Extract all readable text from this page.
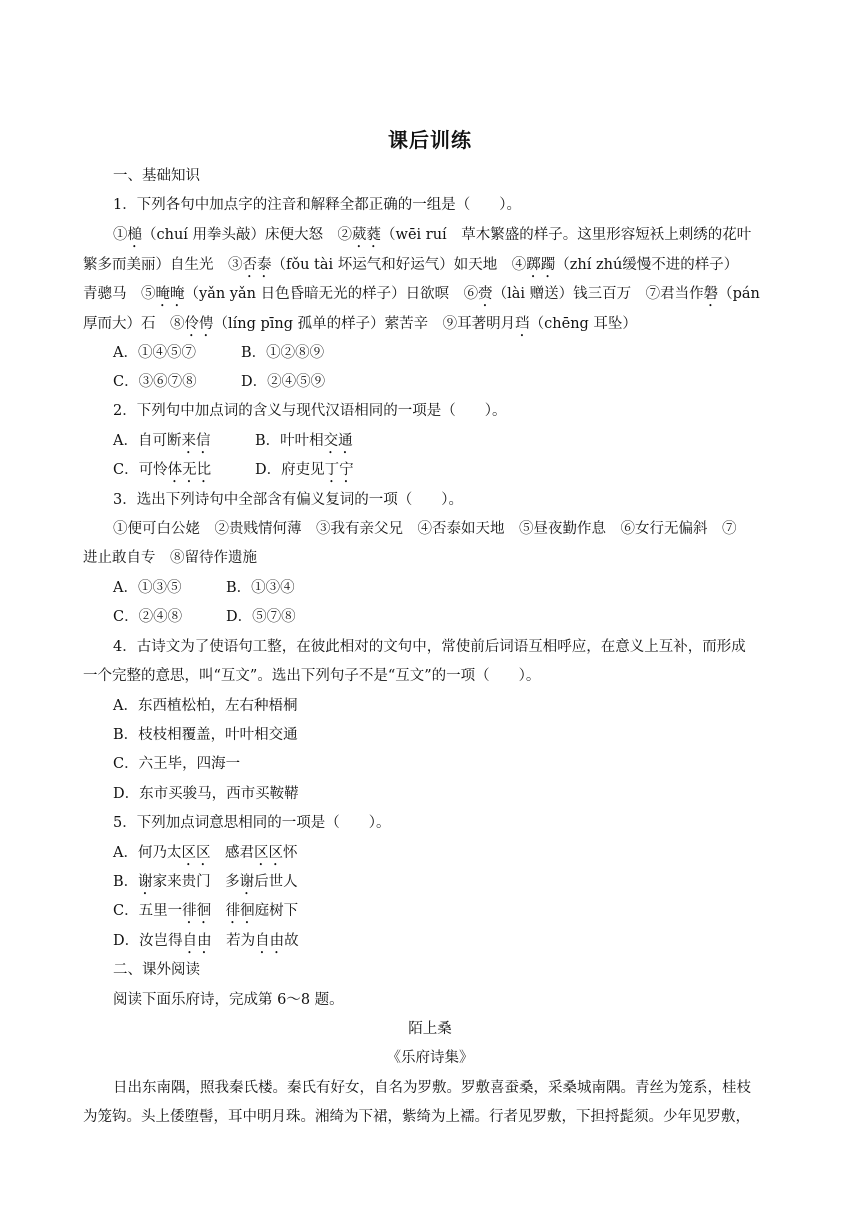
课后训练
一、基础知识
1．下列各句中加点字的注音和解释全都正确的一组是（　　）。
①槌（chuí 用拳头敲）床便大怒　②葳蕤（wēi ruí　草木繁盛的样子。这里形容短袄上刺绣的花叶
繁多而美丽）自生光　③否泰（fǒu tài 坏运气和好运气）如天地　④踯躅（zhí zhú缓慢不进的样子）
青骢马　⑤晻晻（yǎn yǎn 日色昏暗无光的样子）日欲暝　⑥赍（lài 赠送）钱三百万　⑦君当作磐（pán
厚而大）石　⑧伶俜（líng pīng 孤单的样子）萦苦辛　⑨耳著明月珰（chēng 耳坠）
A．①④⑤⑦	B．①②⑧⑨
C．③⑥⑦⑧	D．②④⑤⑨
2．下列句中加点词的含义与现代汉语相同的一项是（　　）。
A．自可断来信	B．叶叶相交通
C．可怜体无比	D．府吏见丁宁
3．选出下列诗句中全部含有偏义复词的一项（　　）。
①便可白公姥　②贵贱情何薄　③我有亲父兄　④否泰如天地　⑤昼夜勤作息　⑥女行无偏斜　⑦
进止敢自专　⑧留待作遗施
A．①③⑤	B．①③④
C．②④⑧	D．⑤⑦⑧
4．古诗文为了使语句工整，在彼此相对的文句中，常使前后词语互相呼应，在意义上互补，而形成
一个完整的意思，叫“互文”。选出下列句子不是“互文”的一项（　　）。
A．东西植松柏，左右种梧桐
B．枝枝相覆盖，叶叶相交通
C．六王毕，四海一
D．东市买骏马，西市买鞍鞯
5．下列加点词意思相同的一项是（　　）。
A．何乃太区区　感君区区怀
B．谢家来贵门　多谢后世人
C．五里一徘徊　 徘徊庭树下
D．汝岂得自由　若为自由故
二、课外阅读
阅读下面乐府诗，完成第 6～8 题。
陌上桑
《乐府诗集》
日出东南隅，照我秦氏楼。秦氏有好女，自名为罗敷。罗敷喜蚕桑，采桑城南隅。青丝为笼系，桂枝
为笼钩。头上倭堕髻，耳中明月珠。湘绮为下裙，紫绮为上襦。行者见罗敷，下担捋髭须。少年见罗敷，
